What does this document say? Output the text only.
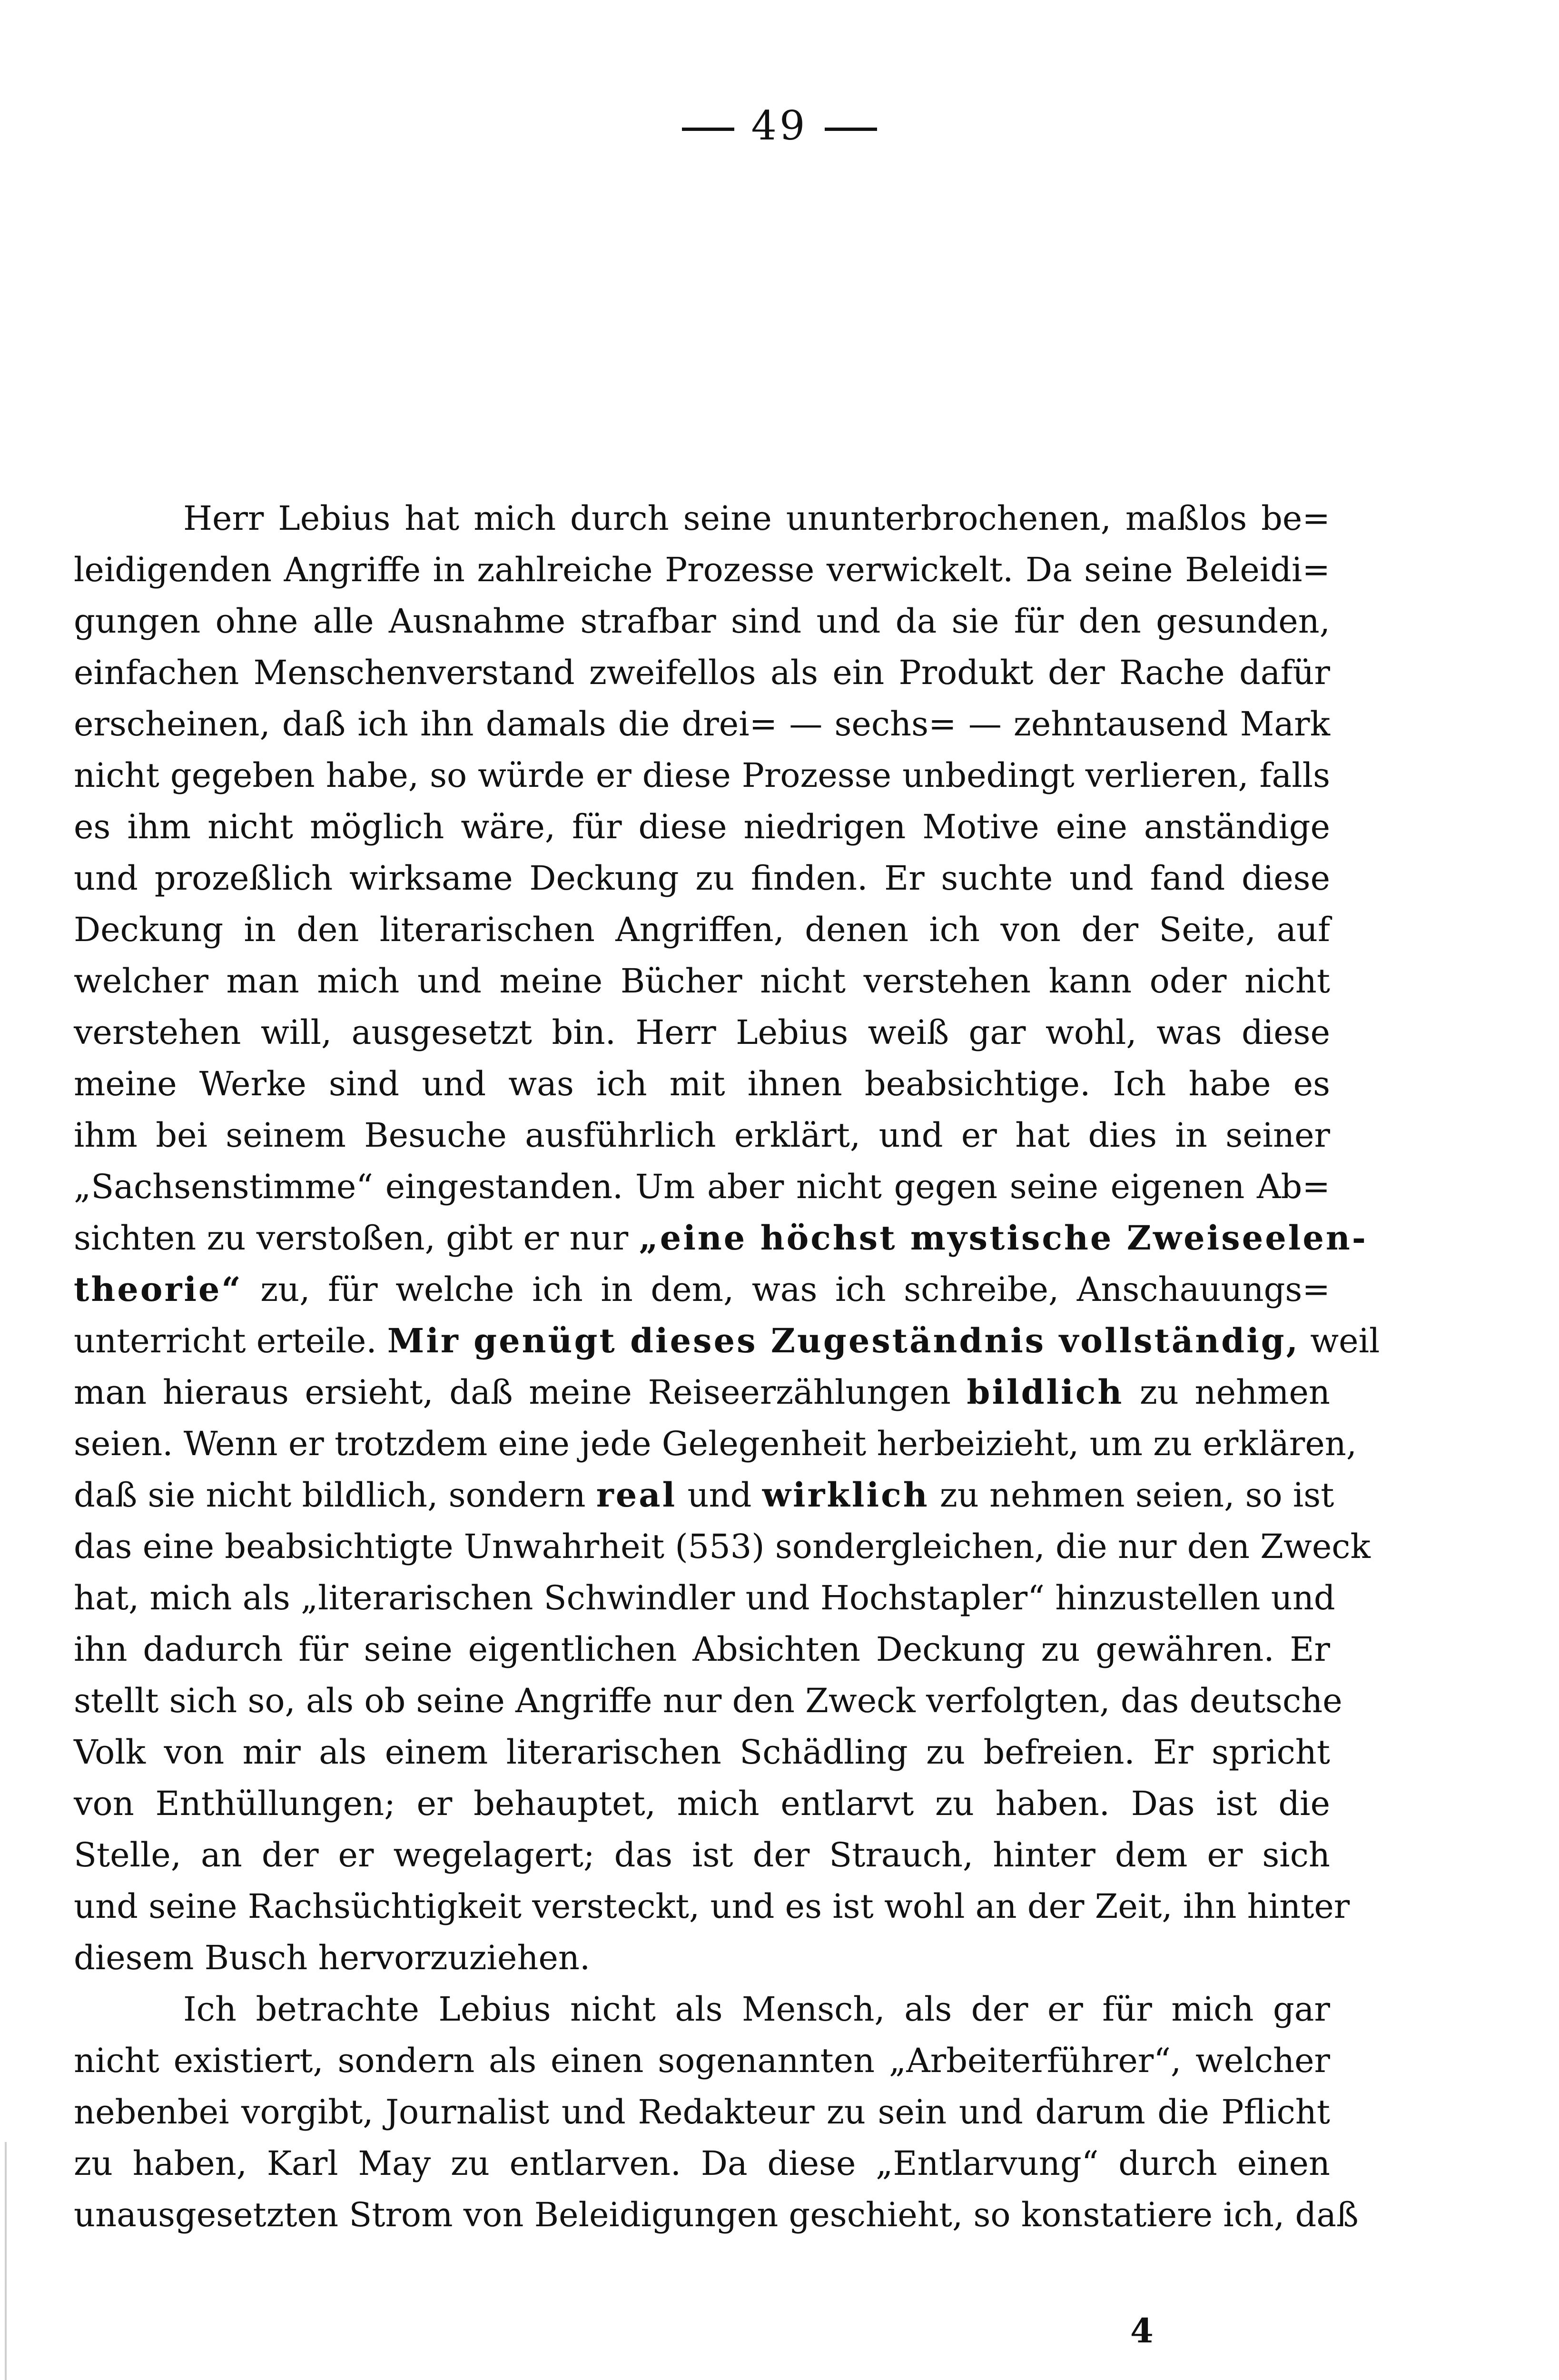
49
Herr Lebius hat mich durch seine ununterbrochenen, maßlos be=
leidigenden Angriffe in zahlreiche Prozesse verwickelt. Da seine Beleidi=
gungen ohne alle Ausnahme strafbar sind und da sie für den gesunden,
einfachen Menschenverstand zweifellos als ein Produkt der Rache dafür
erscheinen, daß ich ihn damals die drei= — sechs= — zehntausend Mark
nicht gegeben habe, so würde er diese Prozesse unbedingt verlieren, falls
es ihm nicht möglich wäre, für diese niedrigen Motive eine anständige
und prozeßlich wirksame Deckung zu finden. Er suchte und fand diese
Deckung in den literarischen Angriffen, denen ich von der Seite, auf
welcher man mich und meine Bücher nicht verstehen kann oder nicht
verstehen will, ausgesetzt bin. Herr Lebius weiß gar wohl, was diese
meine Werke sind und was ich mit ihnen beabsichtige. Ich habe es
ihm bei seinem Besuche ausführlich erklärt, und er hat dies in seiner
„Sachsenstimme“ eingestanden. Um aber nicht gegen seine eigenen Ab=
sichten zu verstoßen, gibt er nur „eine höchst mystische Zweiseelen-
theorie“ zu, für welche ich in dem, was ich schreibe, Anschauungs=
unterricht erteile. Mir genügt dieses Zugeständnis vollständig, weil
man hieraus ersieht, daß meine Reiseerzählungen bildlich zu nehmen
seien. Wenn er trotzdem eine jede Gelegenheit herbeizieht, um zu erklären,
daß sie nicht bildlich, sondern real und wirklich zu nehmen seien, so ist
das eine beabsichtigte Unwahrheit (553) sondergleichen, die nur den Zweck
hat, mich als „literarischen Schwindler und Hochstapler“ hinzustellen und
ihn dadurch für seine eigentlichen Absichten Deckung zu gewähren. Er
stellt sich so, als ob seine Angriffe nur den Zweck verfolgten, das deutsche
Volk von mir als einem literarischen Schädling zu befreien. Er spricht
von Enthüllungen; er behauptet, mich entlarvt zu haben. Das ist die
Stelle, an der er wegelagert; das ist der Strauch, hinter dem er sich
und seine Rachsüchtigkeit versteckt, und es ist wohl an der Zeit, ihn hinter
diesem Busch hervorzuziehen.
Ich betrachte Lebius nicht als Mensch, als der er für mich gar
nicht existiert, sondern als einen sogenannten „Arbeiterführer“, welcher
nebenbei vorgibt, Journalist und Redakteur zu sein und darum die Pflicht
zu haben, Karl May zu entlarven. Da diese „Entlarvung“ durch einen
unausgesetzten Strom von Beleidigungen geschieht, so konstatiere ich, daß
4
